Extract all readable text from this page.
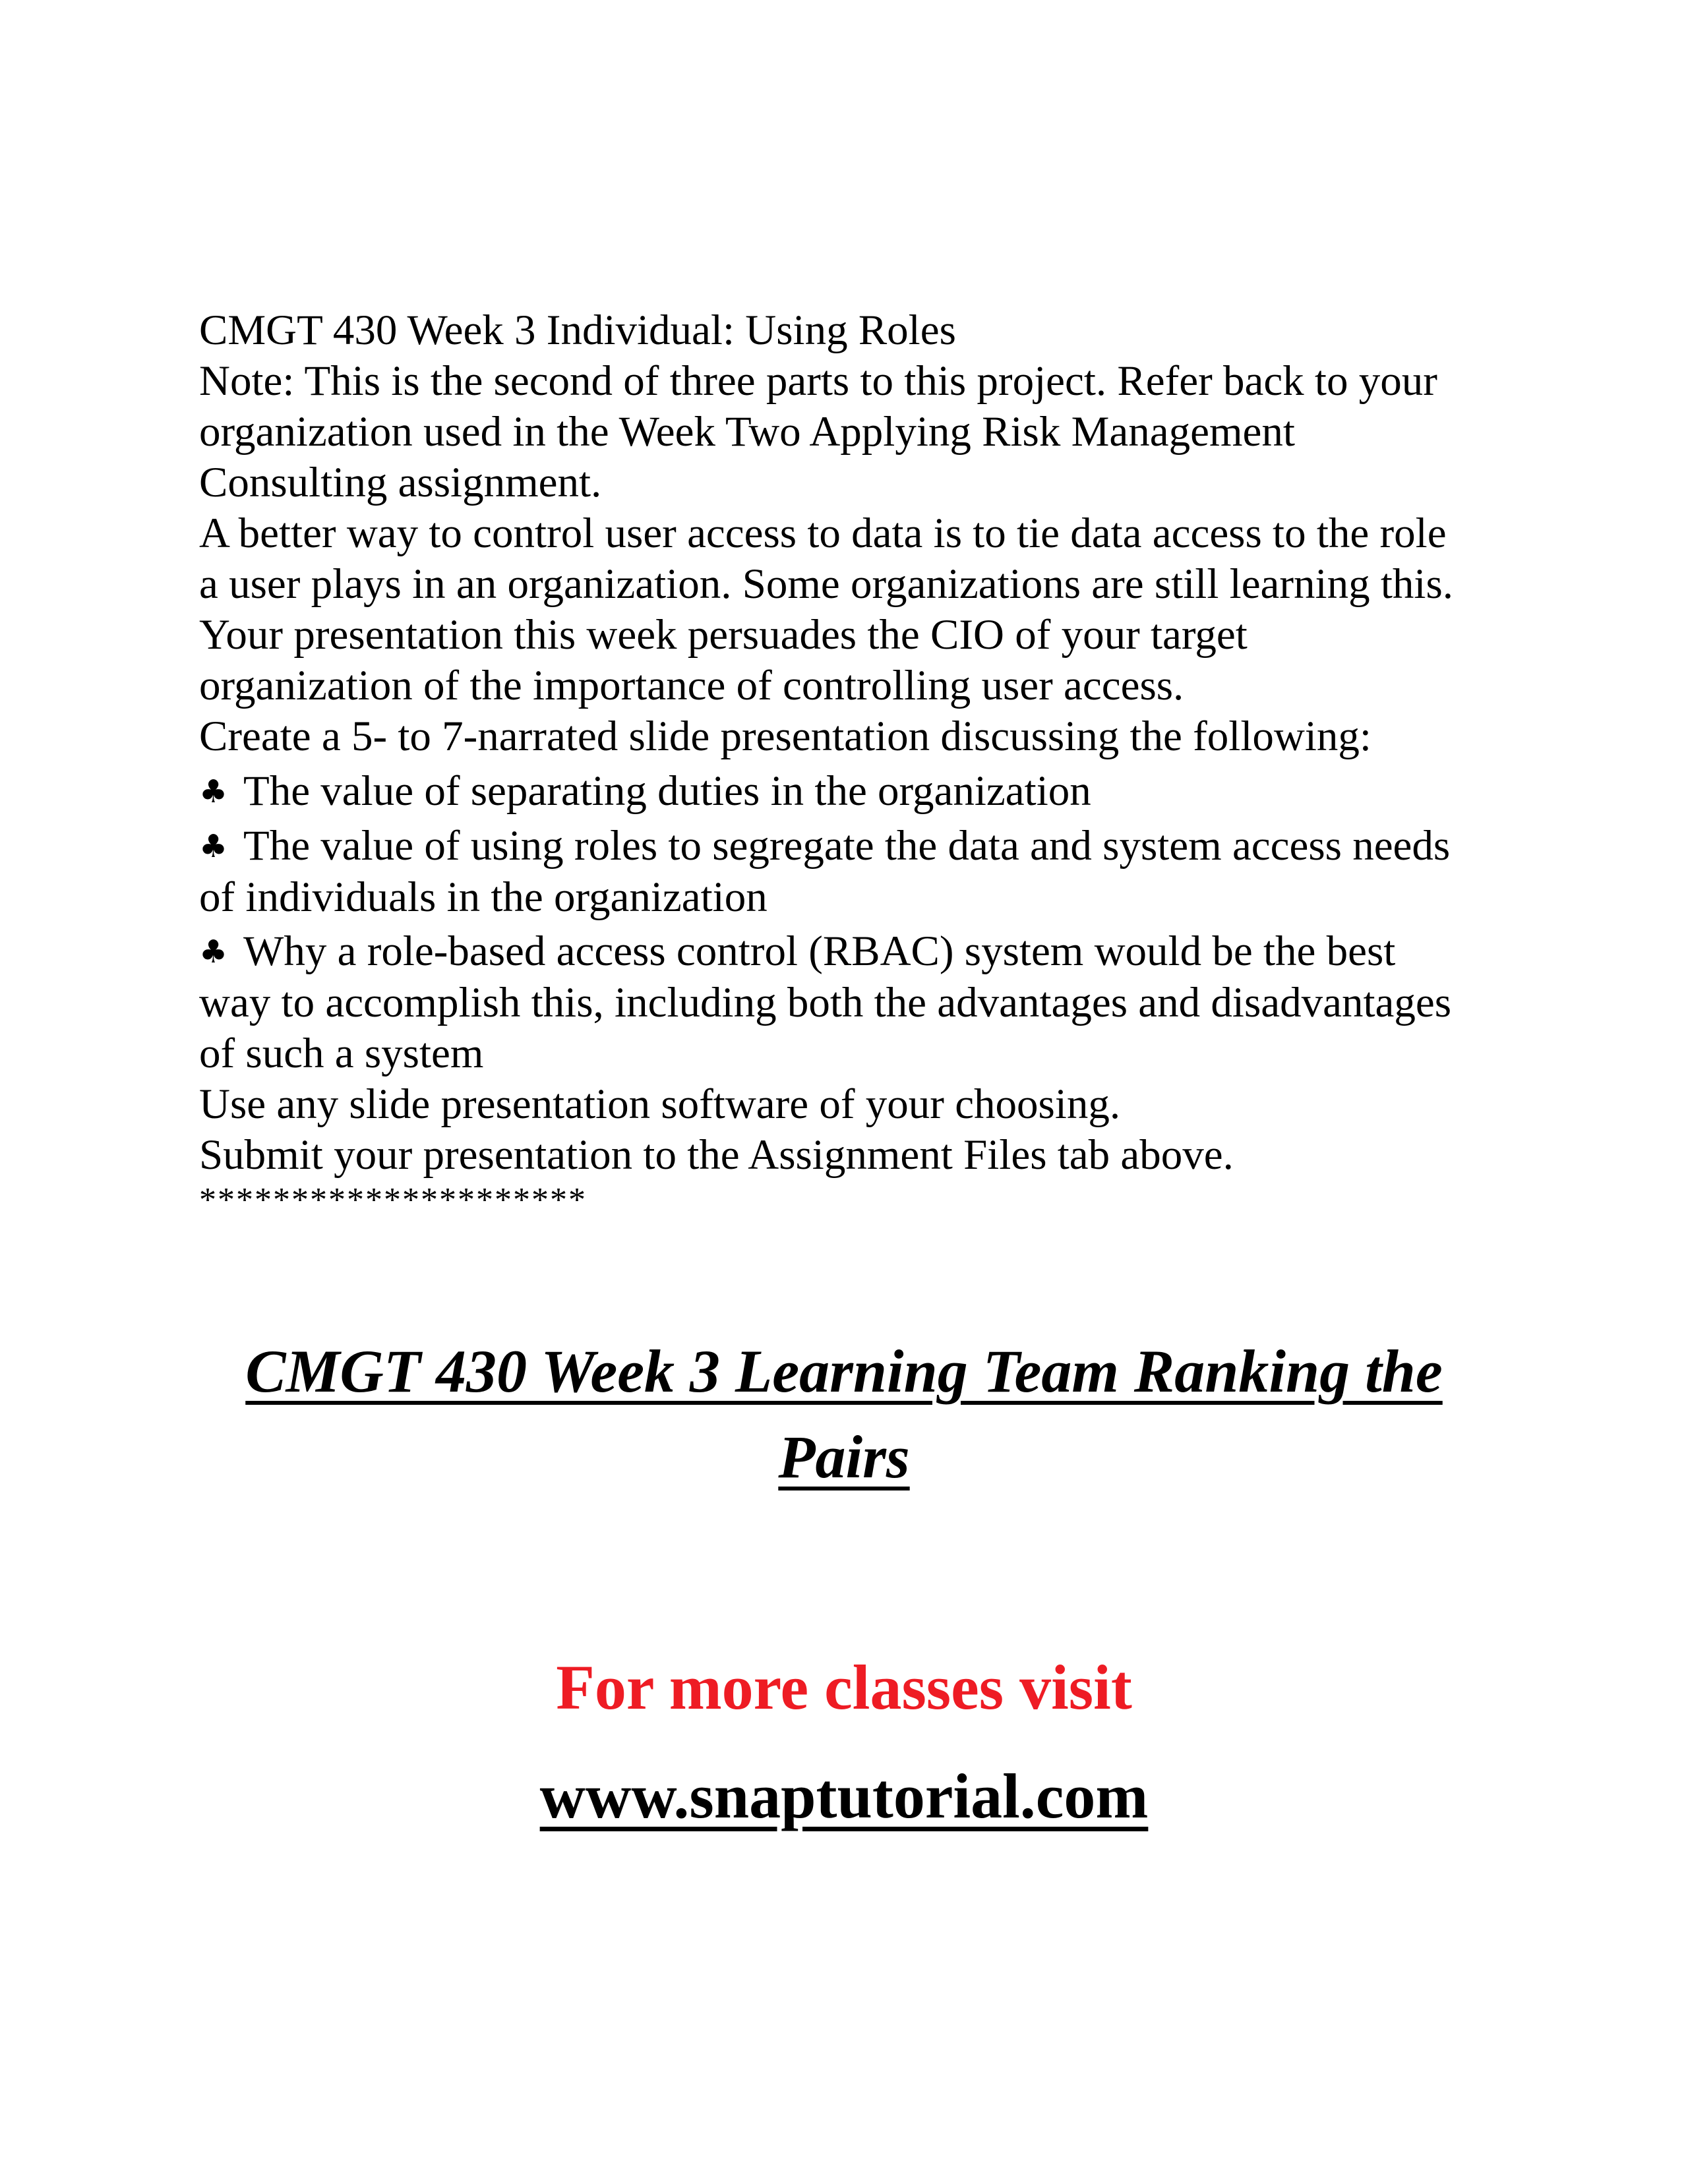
CMGT 430 Week 3 Individual: Using Roles
Note: This is the second of three parts to this project. Refer back to your
organization used in the Week Two Applying Risk Management
Consulting assignment.
A better way to control user access to data is to tie data access to the role
a user plays in an organization. Some organizations are still learning this.
Your presentation this week persuades the CIO of your target
organization of the importance of controlling user access.
Create a 5- to 7-narrated slide presentation discussing the following:
♣ The value of separating duties in the organization
♣ The value of using roles to segregate the data and system access needs
of individuals in the organization
♣ Why a role-based access control (RBAC) system would be the best
way to accomplish this, including both the advantages and disadvantages
of such a system
Use any slide presentation software of your choosing.
Submit your presentation to the Assignment Files tab above.
*********************
CMGT 430 Week 3 Learning Team Ranking the
Pairs
For more classes visit
www.snaptutorial.com
